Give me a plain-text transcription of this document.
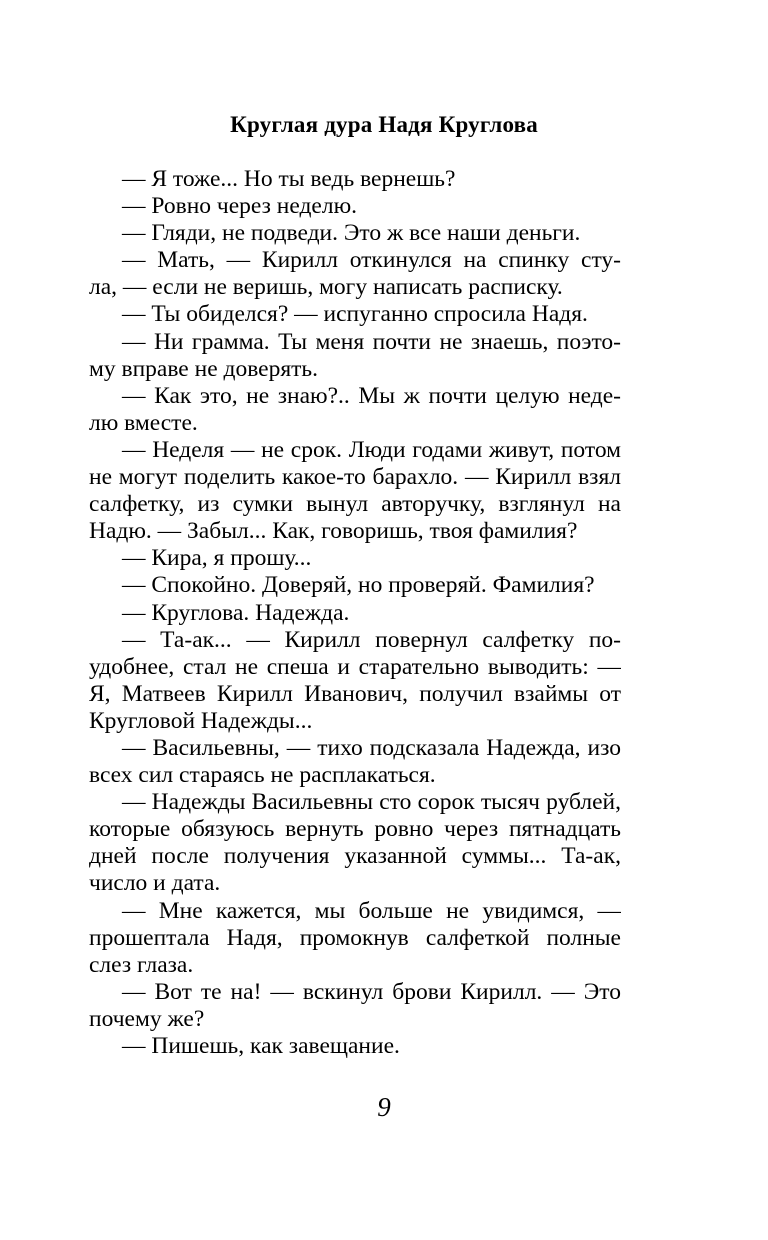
Круглая дура Надя Круглова
— Я тоже... Но ты ведь вернешь?
— Ровно через неделю.
— Гляди, не подведи. Это ж все наши деньги.
— Мать, — Кирилл откинулся на спинку сту-
ла, — если не веришь, могу написать расписку.
— Ты обиделся? — испуганно спросила Надя.
— Ни грамма. Ты меня почти не знаешь, поэто-
му вправе не доверять.
— Как это, не знаю?.. Мы ж почти целую неде-
лю вместе.
— Неделя — не срок. Люди годами живут, потом
не могут поделить какое-то барахло. — Кирилл взял
салфетку, из сумки вынул авторучку, взглянул на
Надю. — Забыл... Как, говоришь, твоя фамилия?
— Кира, я прошу...
— Спокойно. Доверяй, но проверяй. Фамилия?
— Круглова. Надежда.
— Та-ак... — Кирилл повернул салфетку по-
удобнее, стал не спеша и старательно выводить: —
Я, Матвеев Кирилл Иванович, получил взаймы от
Кругловой Надежды...
— Васильевны, — тихо подсказала Надежда, изо
всех сил стараясь не расплакаться.
— Надежды Васильевны сто сорок тысяч рублей,
которые обязуюсь вернуть ровно через пятнадцать
дней после получения указанной суммы... Та-ак,
число и дата.
— Мне кажется, мы больше не увидимся, —
прошептала Надя, промокнув салфеткой полные
слез глаза.
— Вот те на! — вскинул брови Кирилл. — Это
почему же?
— Пишешь, как завещание.
9
